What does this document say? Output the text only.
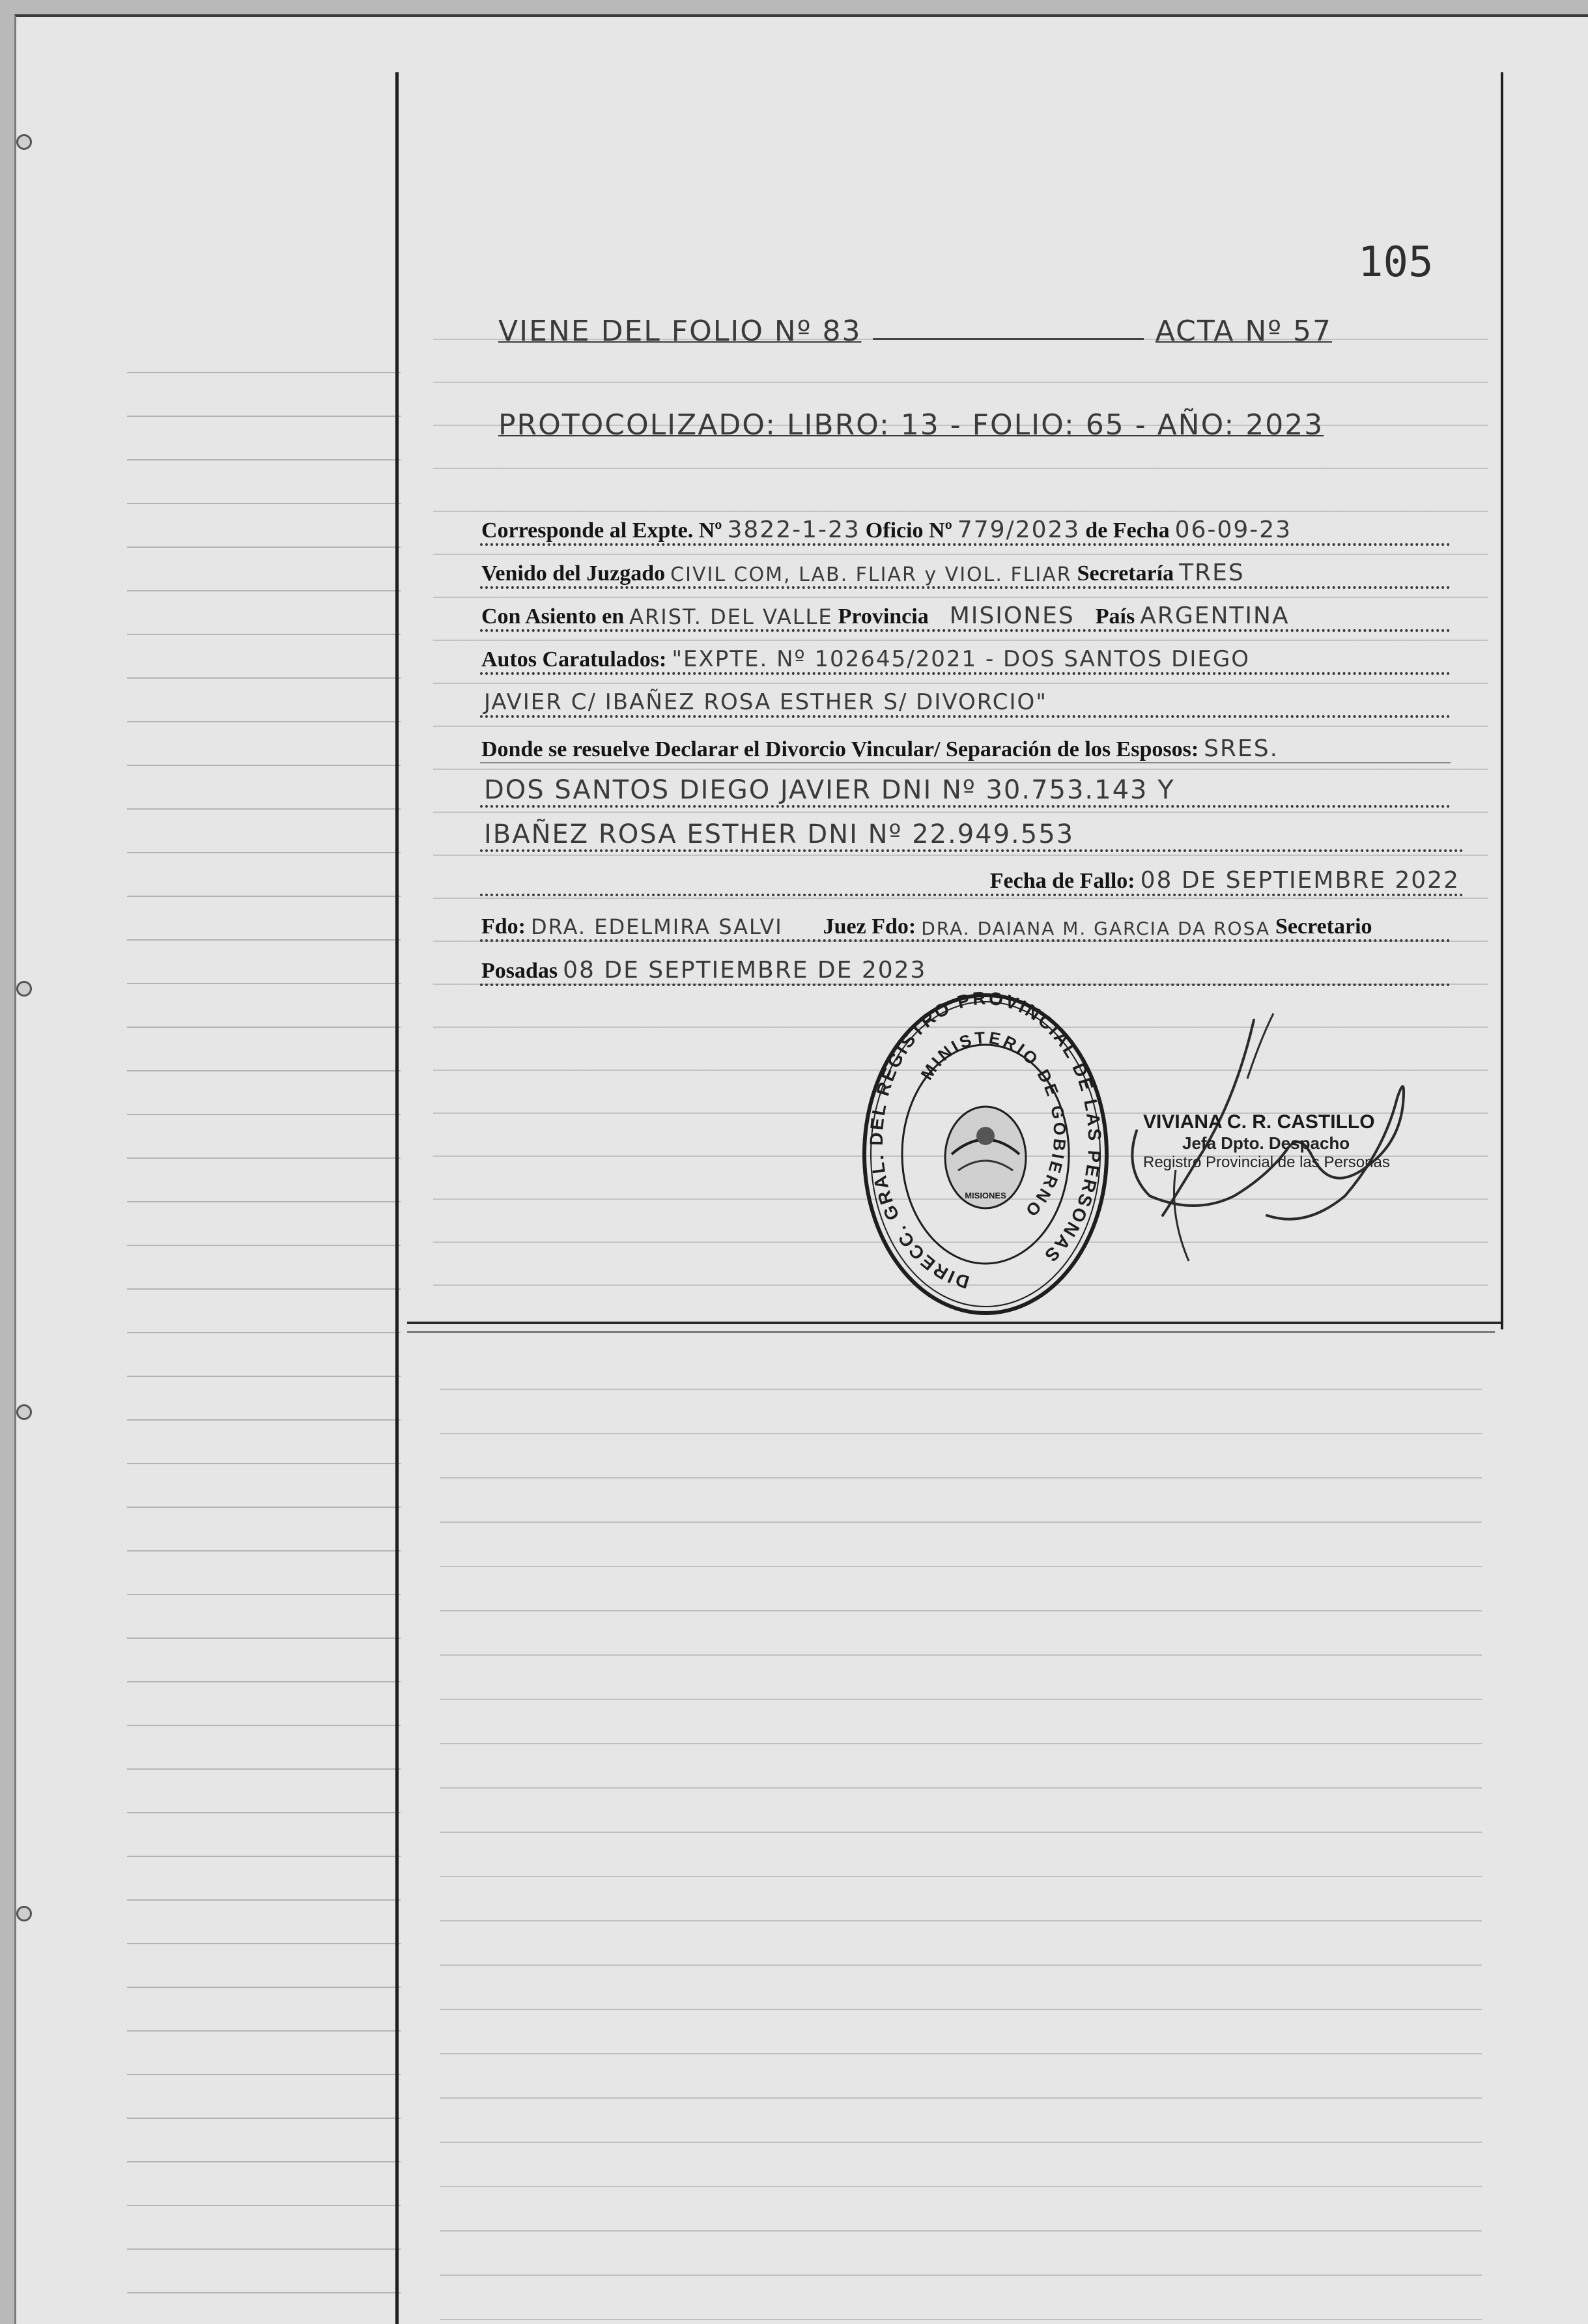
105
VIENE DEL FOLIO Nº 83	ACTA Nº 57
PROTOCOLIZADO: LIBRO: 13 - FOLIO: 65 - AÑO: 2023
Corresponde al Expte. Nº 3822-1-23 Oficio Nº 779/2023 de Fecha 06-09-23
Venido del Juzgado CIVIL COM, LAB. FLIAR y VIOL. FLIAR Secretaría TRES
Con Asiento en ARIST. DEL VALLE Provincia MISIONES País ARGENTINA
Autos Caratulados: "EXPTE. Nº 102645/2021 - DOS SANTOS DIEGO
JAVIER C/ IBAÑEZ ROSA ESTHER S/ DIVORCIO"
Donde se resuelve Declarar el Divorcio Vincular/ Separación de los Esposos: SRES.
DOS SANTOS DIEGO JAVIER DNI Nº 30.753.143 Y
IBAÑEZ ROSA ESTHER DNI Nº 22.949.553
Fecha de Fallo: 08 DE SEPTIEMBRE 2022
Fdo: DRA. EDELMIRA SALVI	Juez Fdo: DRA. DAIANA M. GARCIA DA ROSA Secretario
Posadas 08 DE SEPTIEMBRE DE 2023
DIRECC. GRAL. DEL REGISTRO PROVINCIAL DE LAS PERSONAS
MINISTERIO DE GOBIERNO
MISIONES
VIVIANA C. R. CASTILLO
Jefa Dpto. Despacho
Registro Provincial de las Personas
